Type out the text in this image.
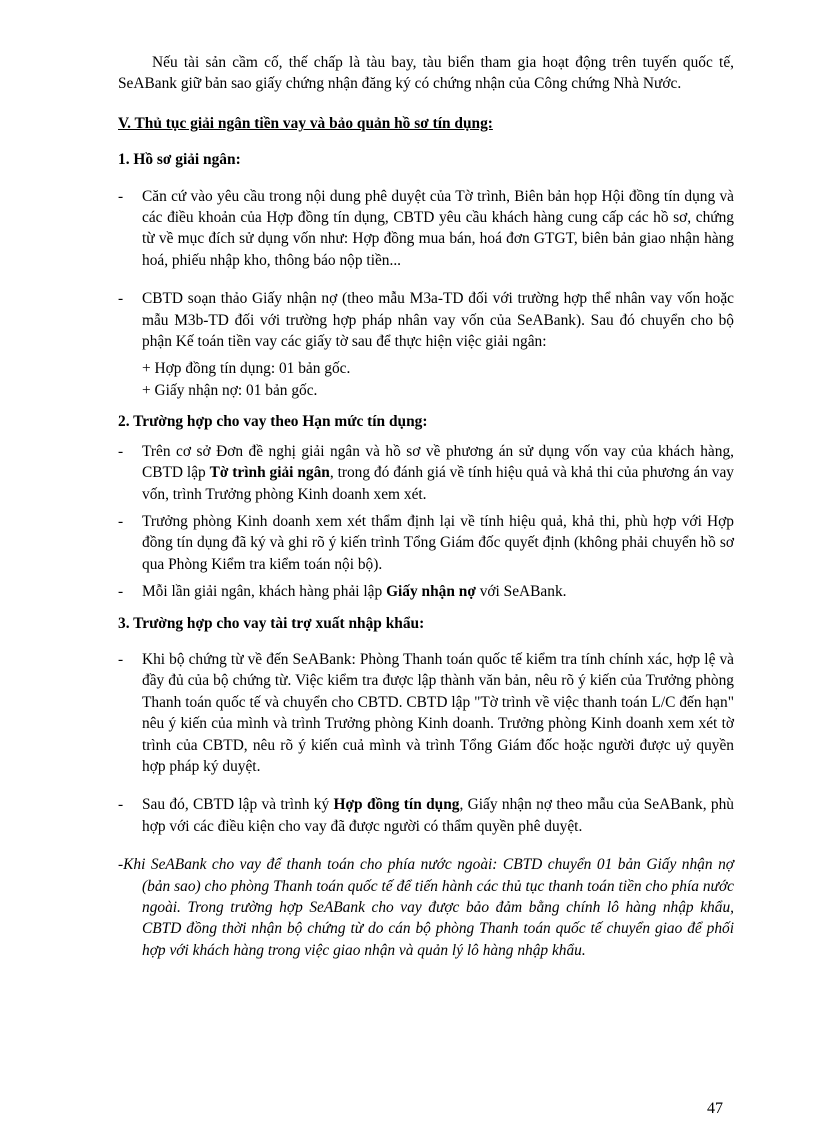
Nếu tài sản cầm cố, thế chấp là tàu bay, tàu biển tham gia hoạt động trên tuyến quốc tế, SeABank giữ bản sao giấy chứng nhận đăng ký có chứng nhận của Công chứng Nhà Nước.

V. Thủ tục giải ngân tiền vay và bảo quản hồ sơ tín dụng:

1. Hồ sơ giải ngân:

- Căn cứ vào yêu cầu trong nội dung phê duyệt của Tờ trình, Biên bản họp Hội đồng tín dụng và các điều khoản của Hợp đồng tín dụng, CBTD yêu cầu khách hàng cung cấp các hồ sơ, chứng từ về mục đích sử dụng vốn như: Hợp đồng mua bán, hoá đơn GTGT, biên bản giao nhận hàng hoá, phiếu nhập kho, thông báo nộp tiền...
- CBTD soạn thảo Giấy nhận nợ (theo mẫu M3a-TD đối với trường hợp thể nhân vay vốn hoặc mẫu M3b-TD đối với trường hợp pháp nhân vay vốn của SeABank). Sau đó chuyển cho bộ phận Kế toán tiền vay các giấy tờ sau để thực hiện việc giải ngân:
+ Hợp đồng tín dụng: 01 bản gốc.
+ Giấy nhận nợ: 01 bản gốc.

2. Trường hợp cho vay theo Hạn mức tín dụng:

- Trên cơ sở Đơn đề nghị giải ngân và hồ sơ về phương án sử dụng vốn vay của khách hàng, CBTD lập Tờ trình giải ngân, trong đó đánh giá về tính hiệu quả và khả thi của phương án vay vốn, trình Trưởng phòng Kinh doanh xem xét.
- Trưởng phòng Kinh doanh xem xét thẩm định lại về tính hiệu quả, khả thi, phù hợp với Hợp đồng tín dụng đã ký và ghi rõ ý kiến trình Tổng Giám đốc quyết định (không phải chuyển hồ sơ qua Phòng Kiểm tra kiểm toán nội bộ).
- Mỗi lần giải ngân, khách hàng phải lập Giấy nhận nợ với SeABank.

3. Trường hợp cho vay tài trợ xuất nhập khẩu:

- Khi bộ chứng từ về đến SeABank: Phòng Thanh toán quốc tế kiểm tra tính chính xác, hợp lệ và đầy đủ của bộ chứng từ. Việc kiểm tra được lập thành văn bản, nêu rõ ý kiến của Trưởng phòng Thanh toán quốc tế và chuyển cho CBTD. CBTD lập "Tờ trình về việc thanh toán L/C đến hạn" nêu ý kiến của mình và trình Trưởng phòng Kinh doanh. Trưởng phòng Kinh doanh xem xét tờ trình của CBTD, nêu rõ ý kiến cuả mình và trình Tổng Giám đốc hoặc người được uỷ quyền hợp pháp ký duyệt.
- Sau đó, CBTD lập và trình ký Hợp đồng tín dụng, Giấy nhận nợ theo mẫu của SeABank, phù hợp với các điều kiện cho vay đã được người có thẩm quyền phê duyệt.

-Khi SeABank cho vay để thanh toán cho phía nước ngoài: CBTD chuyển 01 bản Giấy nhận nợ (bản sao) cho phòng Thanh toán quốc tế để tiến hành các thủ tục thanh toán tiền cho phía nước ngoài. Trong trường hợp SeABank cho vay được bảo đảm bằng chính lô hàng nhập khẩu, CBTD đồng thời nhận bộ chứng từ do cán bộ phòng Thanh toán quốc tế chuyển giao để phối hợp với khách hàng trong việc giao nhận và quản lý lô hàng nhập khẩu.

47
